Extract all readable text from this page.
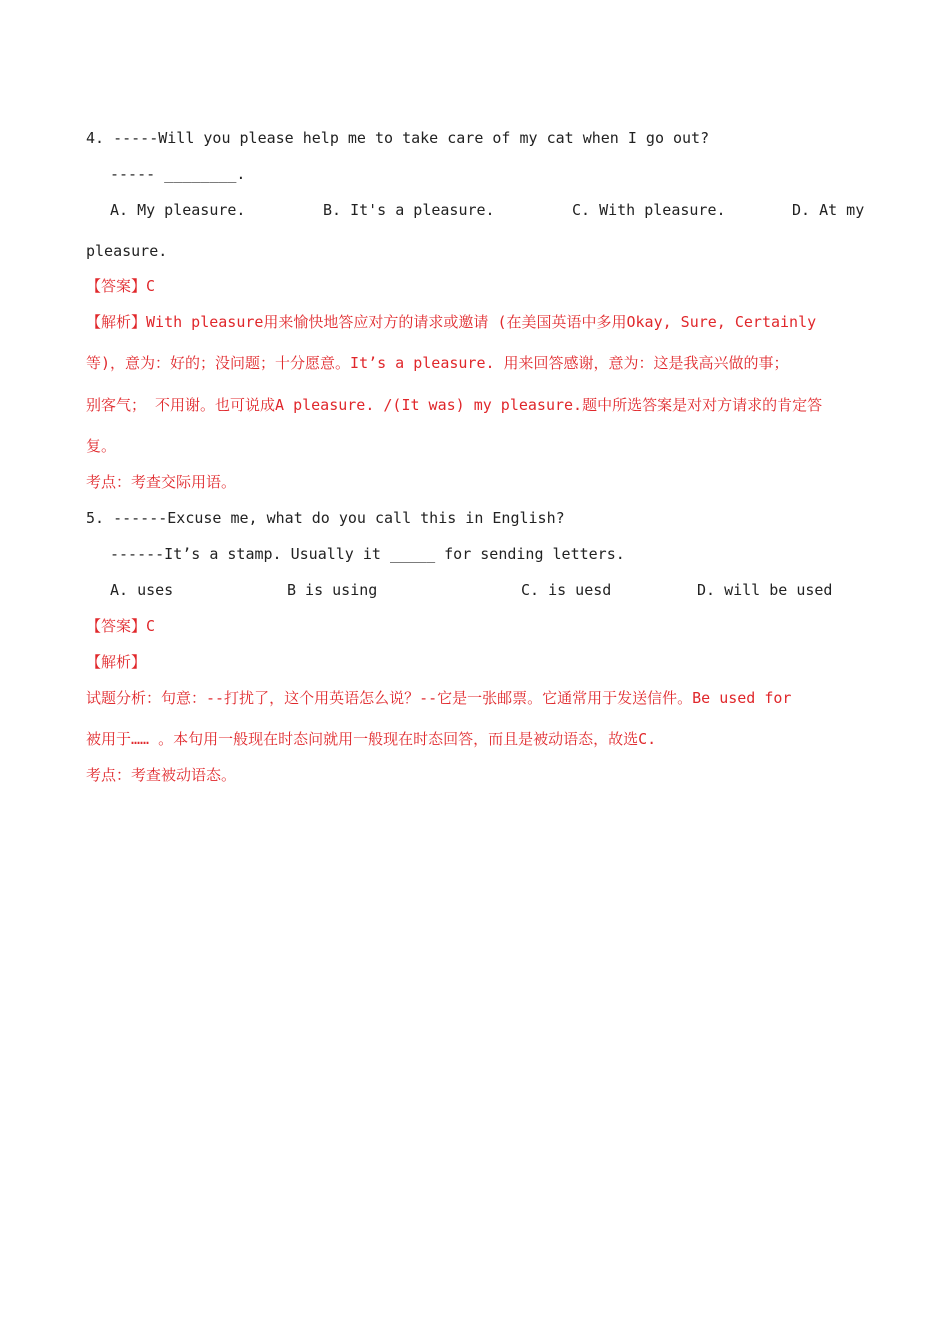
4. -----Will you please help me to take care of my cat when I go out?
----- ________.
A. My pleasure.	B. It's a pleasure.	C. With pleasure.	D. At my
pleasure.
【答案】C
【解析】With pleasure用来愉快地答应对方的请求或邀请 (在美国英语中多用Okay, Sure, Certainly
等)，意为：好的；没问题；十分愿意。It’s a pleasure. 用来回答感谢，意为：这是我高兴做的事；
别客气； 不用谢。也可说成A pleasure. /(It was) my pleasure.题中所选答案是对对方请求的肯定答
复。
考点：考查交际用语。
5. ------Excuse me, what do you call this in English?
------It’s a stamp. Usually it _____ for sending letters.
A. uses	B is using	C. is uesd	D. will be used
【答案】C
【解析】
试题分析：句意：--打扰了，这个用英语怎么说？--它是一张邮票。它通常用于发送信件。Be used for
被用于…… 。本句用一般现在时态问就用一般现在时态回答，而且是被动语态，故选C.
考点：考查被动语态。
